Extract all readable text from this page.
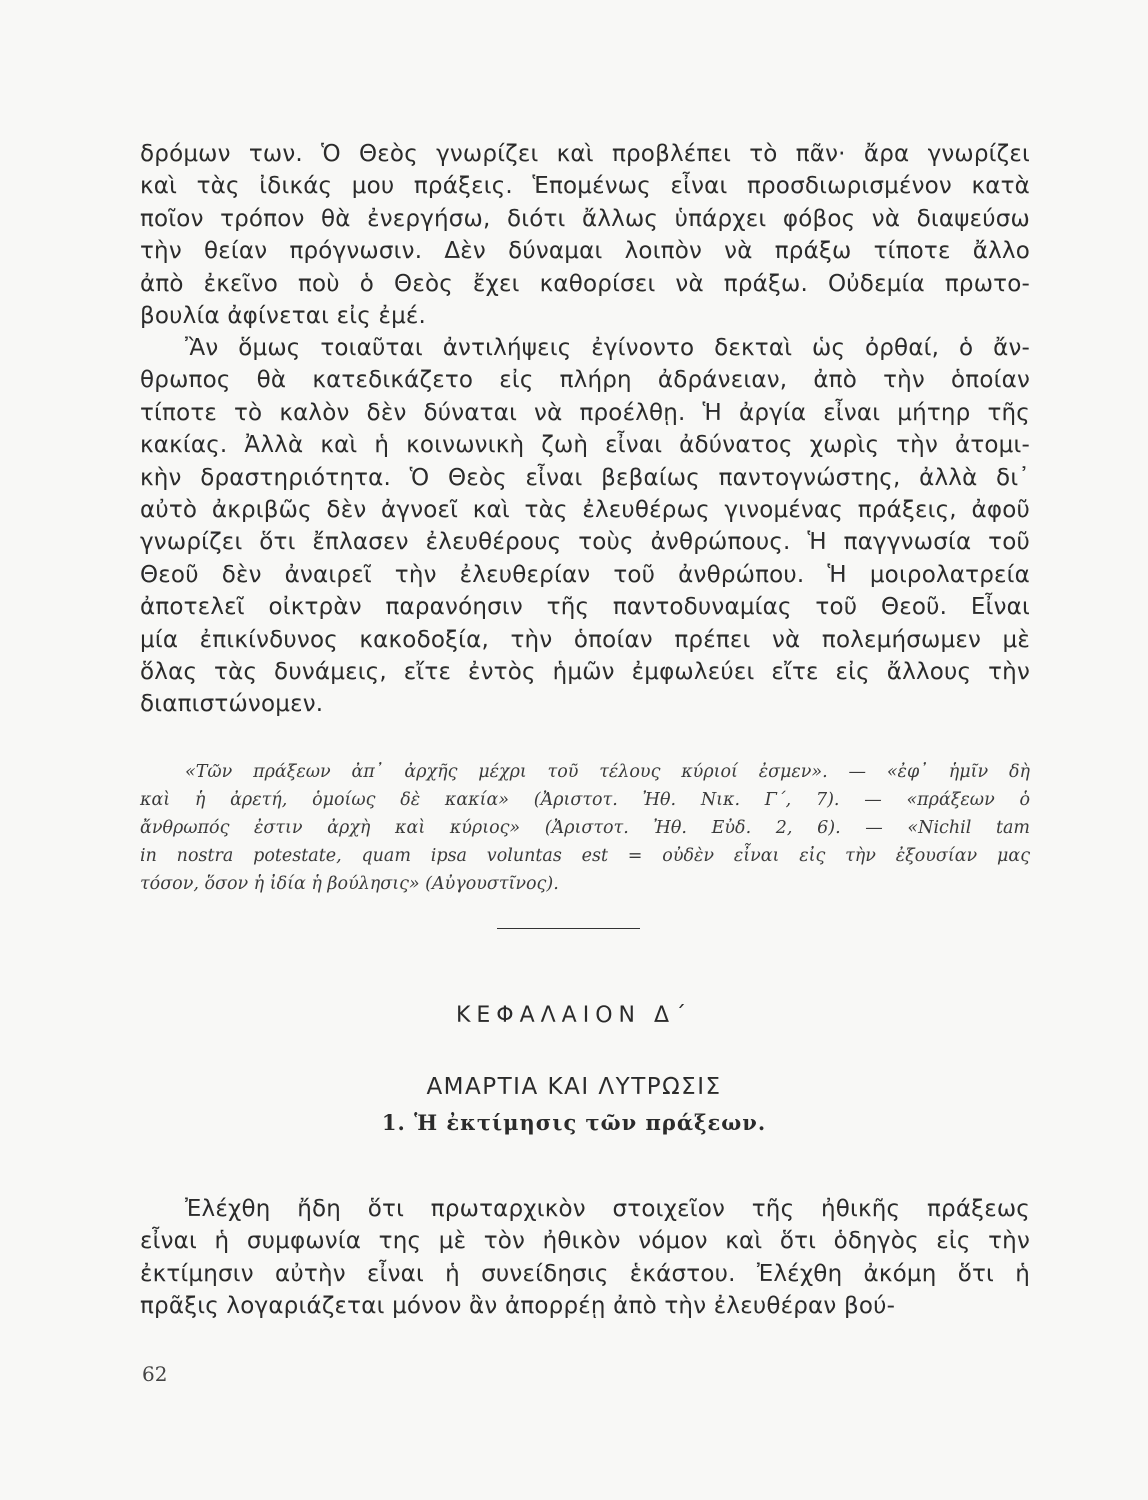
δρόμων των. Ὁ Θεὸς γνωρίζει καὶ προβλέπει τὸ πᾶν· ἄρα γνωρίζει
καὶ τὰς ἰδικάς μου πράξεις. Ἑπομένως εἶναι προσδιωρισμένον κατὰ
ποῖον τρόπον θὰ ἐνεργήσω, διότι ἄλλως ὑπάρχει φόβος νὰ διαψεύσω
τὴν θείαν πρόγνωσιν. Δὲν δύναμαι λοιπὸν νὰ πράξω τίποτε ἄλλο
ἀπὸ ἐκεῖνο ποὺ ὁ Θεὸς ἔχει καθορίσει νὰ πράξω. Οὐδεμία πρωτο-
βουλία ἀφίνεται εἰς ἐμέ.
Ἂν ὅμως τοιαῦται ἀντιλήψεις ἐγίνοντο δεκταὶ ὡς ὀρθαί, ὁ ἄν-
θρωπος θὰ κατεδικάζετο εἰς πλήρη ἀδράνειαν, ἀπὸ τὴν ὁποίαν
τίποτε τὸ καλὸν δὲν δύναται νὰ προέλθῃ. Ἡ ἀργία εἶναι μήτηρ τῆς
κακίας. Ἀλλὰ καὶ ἡ κοινωνικὴ ζωὴ εἶναι ἀδύνατος χωρὶς τὴν ἀτομι-
κὴν δραστηριότητα. Ὁ Θεὸς εἶναι βεβαίως παντογνώστης, ἀλλὰ δι᾽
αὐτὸ ἀκριβῶς δὲν ἀγνοεῖ καὶ τὰς ἐλευθέρως γινομένας πράξεις, ἀφοῦ
γνωρίζει ὅτι ἔπλασεν ἐλευθέρους τοὺς ἀνθρώπους. Ἡ παγγνωσία τοῦ
Θεοῦ δὲν ἀναιρεῖ τὴν ἐλευθερίαν τοῦ ἀνθρώπου. Ἡ μοιρολατρεία
ἀποτελεῖ οἰκτρὰν παρανόησιν τῆς παντοδυναμίας τοῦ Θεοῦ. Εἶναι
μία ἐπικίνδυνος κακοδοξία, τὴν ὁποίαν πρέπει νὰ πολεμήσωμεν μὲ
ὅλας τὰς δυνάμεις, εἴτε ἐντὸς ἡμῶν ἐμφωλεύει εἴτε εἰς ἄλλους τὴν
διαπιστώνομεν.
«Τῶν πράξεων ἀπ᾽ ἀρχῆς μέχρι τοῦ τέλους κύριοί ἐσμεν». — «ἐφ᾽ ἡμῖν δὴ
καὶ ἡ ἀρετή, ὁμοίως δὲ κακία» (Ἀριστοτ. Ἠθ. Νικ. Γ΄, 7). — «πράξεων ὁ
ἄνθρωπός ἐστιν ἀρχὴ καὶ κύριος» (Ἀριστοτ. Ἠθ. Εὐδ. 2, 6). — «Nichil tam
in nostra potestate, quam ipsa voluntas est = οὐδὲν εἶναι εἰς τὴν ἐξουσίαν μας
τόσον, ὅσον ἡ ἰδία ἡ βούλησις» (Αὐγουστῖνος).
ΚΕΦΑΛΑΙΟΝ Δ΄
ΑΜΑΡΤΙΑ ΚΑΙ ΛΥΤΡΩΣΙΣ
1. Ἡ ἐκτίμησις τῶν πράξεων.
Ἐλέχθη ἤδη ὅτι πρωταρχικὸν στοιχεῖον τῆς ἠθικῆς πράξεως
εἶναι ἡ συμφωνία της μὲ τὸν ἠθικὸν νόμον καὶ ὅτι ὁδηγὸς εἰς τὴν
ἐκτίμησιν αὐτὴν εἶναι ἡ συνείδησις ἑκάστου. Ἐλέχθη ἀκόμη ὅτι ἡ
πρᾶξις λογαριάζεται μόνον ἂν ἀπορρέῃ ἀπὸ τὴν ἐλευθέραν βού-
62
